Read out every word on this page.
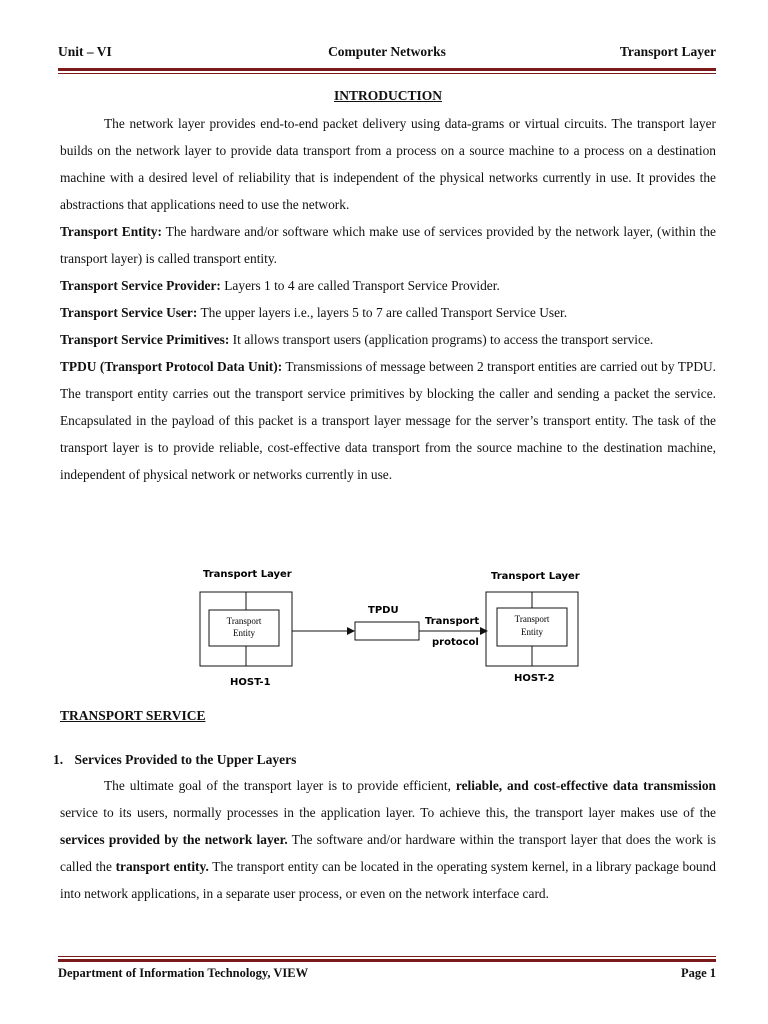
Unit – VI	Computer Networks	Transport Layer
INTRODUCTION

The network layer provides end-to-end packet delivery using data-grams or virtual circuits. The transport layer builds on the network layer to provide data transport from a process on a source machine to a process on a destination machine with a desired level of reliability that is independent of the physical networks currently in use. It provides the abstractions that applications need to use the network.

Transport Entity: The hardware and/or software which make use of services provided by the network layer, (within the transport layer) is called transport entity.

Transport Service Provider: Layers 1 to 4 are called Transport Service Provider.

Transport Service User: The upper layers i.e., layers 5 to 7 are called Transport Service User.

Transport Service Primitives: It allows transport users (application programs) to access the transport service.

TPDU (Transport Protocol Data Unit): Transmissions of message between 2 transport entities are carried out by TPDU. The transport entity carries out the transport service primitives by blocking the caller and sending a packet the service. Encapsulated in the payload of this packet is a transport layer message for the server’s transport entity. The task of the transport layer is to provide reliable, cost-effective data transport from the source machine to the destination machine, independent of physical network or networks currently in use.

Transport Layer	Transport Layer
Transport
Entity
TPDU
Transport
protocol
Transport
Entity
HOST-1	HOST-2
TRANSPORT SERVICE
1. Services Provided to the Upper Layers

The ultimate goal of the transport layer is to provide efficient, reliable, and cost-effective data transmission service to its users, normally processes in the application layer. To achieve this, the transport layer makes use of the services provided by the network layer. The software and/or hardware within the transport layer that does the work is called the transport entity. The transport entity can be located in the operating system kernel, in a library package bound into network applications, in a separate user process, or even on the network interface card.

Department of Information Technology, VIEW	Page 1
